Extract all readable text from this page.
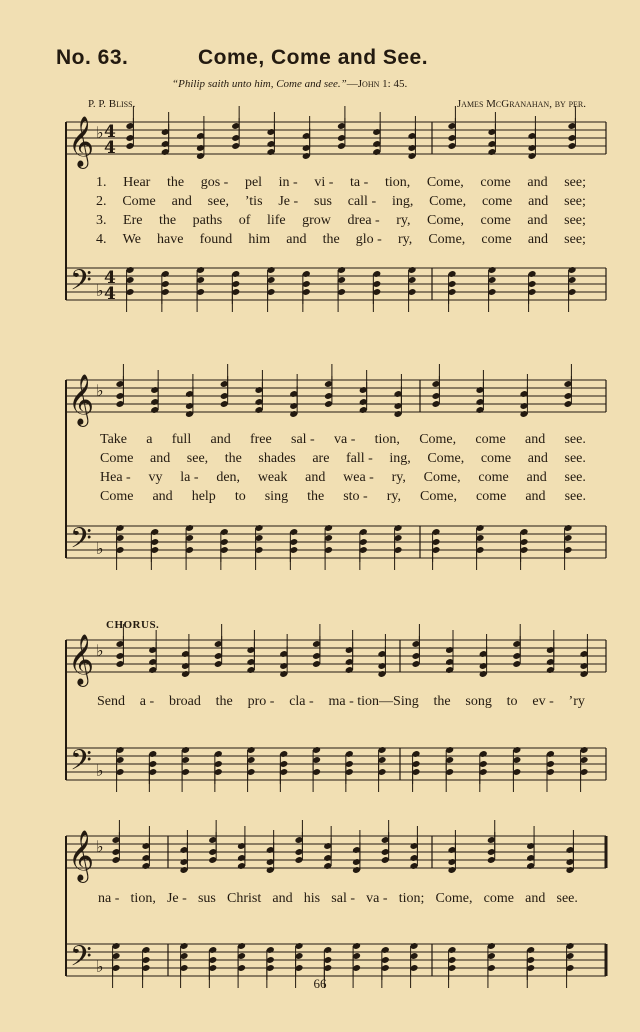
No. 63.	Come, Come and See.
“Philip saith unto him, Come and see.”—John 1: 45.
P. P. Bliss.	James McGranahan, by per.
𝄞
𝄢
♭
♭
4
4
4
4
𝄞
𝄢
♭
♭
𝄞
𝄢
♭
♭
𝄞
𝄢
♭
♭
1. Hear the gos - pel in - vi - ta - tion, Come, come and see;
2. Come and see, ’tis Je - sus call - ing, Come, come and see;
3. Ere the paths of life grow drea - ry, Come, come and see;
4. We have found him and the glo - ry, Come, come and see;
Take a full and free sal - va - tion, Come, come and see.
Come and see, the shades are fall - ing, Come, come and see.
Hea - vy la - den, weak and wea - ry, Come, come and see.
Come and help to sing the sto - ry, Come, come and see.
CHORUS.
Send a - broad the pro - cla - ma - tion—Sing the song to ev - ’ry
na - tion, Je - sus Christ and his sal - va - tion; Come, come and see.
66
